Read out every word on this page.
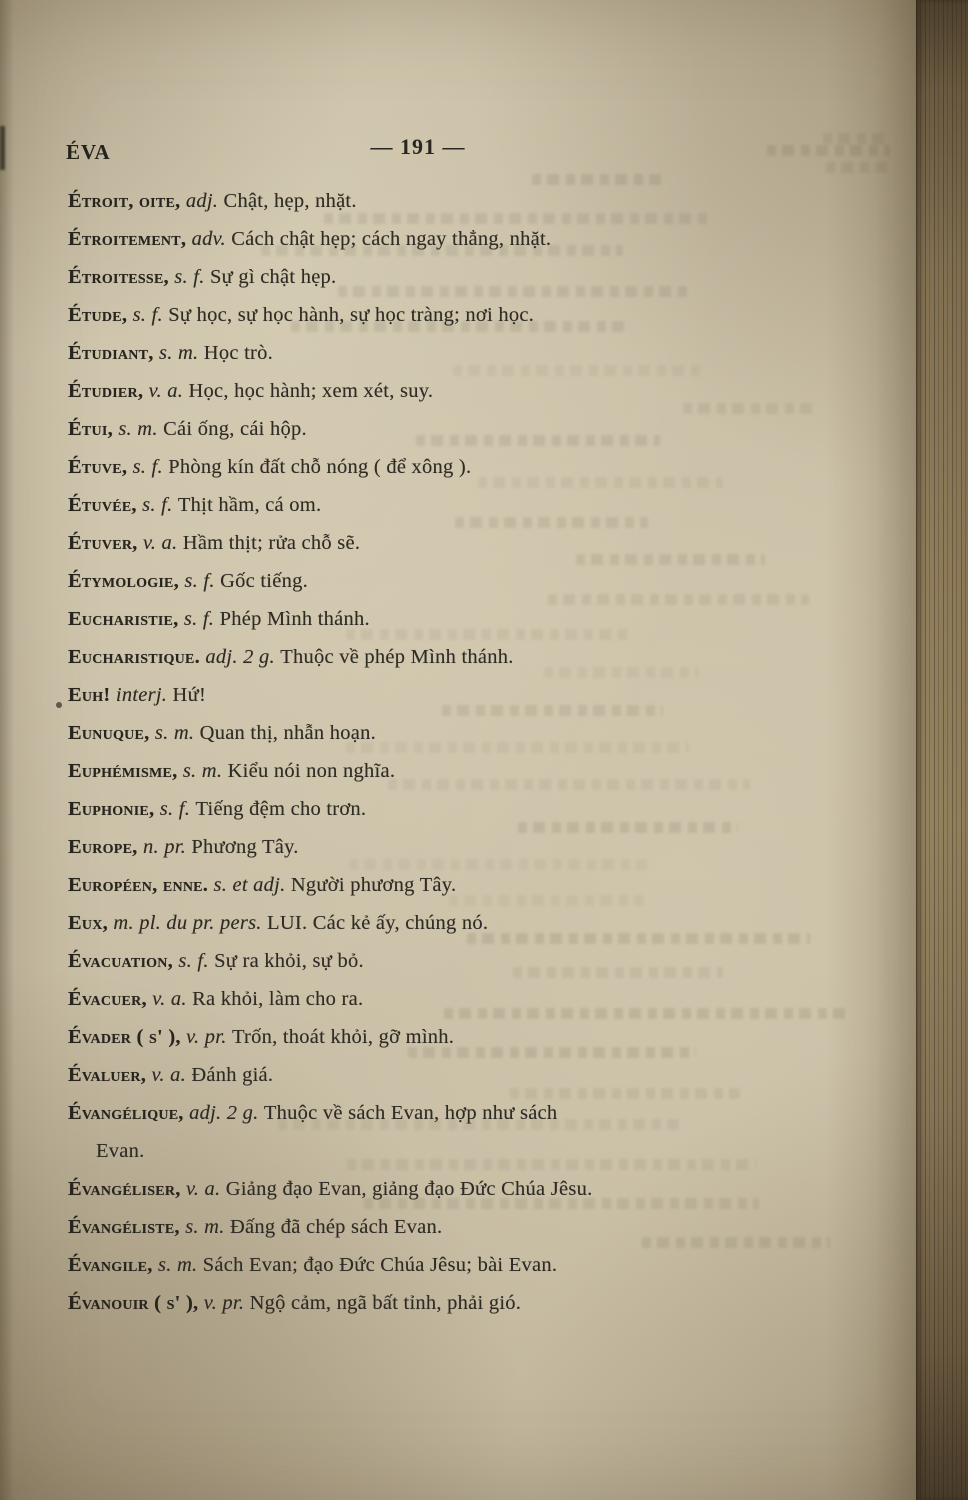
ÉVA	— 191 —
Étroit, oite, adj. Chật, hẹp, nhặt.
Étroitement, adv. Cách chật hẹp; cách ngay thẳng, nhặt.
Étroitesse, s. f. Sự gì chật hẹp.
Étude, s. f. Sự học, sự học hành, sự học tràng; nơi học.
Étudiant, s. m. Học trò.
Étudier, v. a. Học, học hành; xem xét, suy.
Étui, s. m. Cái ống, cái hộp.
Étuve, s. f. Phòng kín đất chỗ nóng ( để xông ).
Étuvée, s. f. Thịt hầm, cá om.
Étuver, v. a. Hầm thịt; rửa chỗ sẽ.
Étymologie, s. f. Gốc tiếng.
Eucharistie, s. f. Phép Mình thánh.
Eucharistique. adj. 2 g. Thuộc về phép Mình thánh.
Euh! interj. Hứ!
Eunuque, s. m. Quan thị, nhẫn hoạn.
Euphémisme, s. m. Kiểu nói non nghĩa.
Euphonie, s. f. Tiếng đệm cho trơn.
Europe, n. pr. Phương Tây.
Européen, enne. s. et adj. Người phương Tây.
Eux, m. pl. du pr. pers. LUI. Các kẻ ấy, chúng nó.
Évacuation, s. f. Sự ra khỏi, sự bỏ.
Évacuer, v. a. Ra khỏi, làm cho ra.
Évader ( s' ), v. pr. Trốn, thoát khỏi, gỡ mình.
Évaluer, v. a. Đánh giá.
Évangélique, adj. 2 g. Thuộc về sách Evan, hợp như sách
Evan.
Évangéliser, v. a. Giảng đạo Evan, giảng đạo Đức Chúa Jêsu.
Évangéliste, s. m. Đấng đã chép sách Evan.
Évangile, s. m. Sách Evan; đạo Đức Chúa Jêsu; bài Evan.
Évanouir ( s' ), v. pr. Ngộ cảm, ngã bất tỉnh, phải gió.
